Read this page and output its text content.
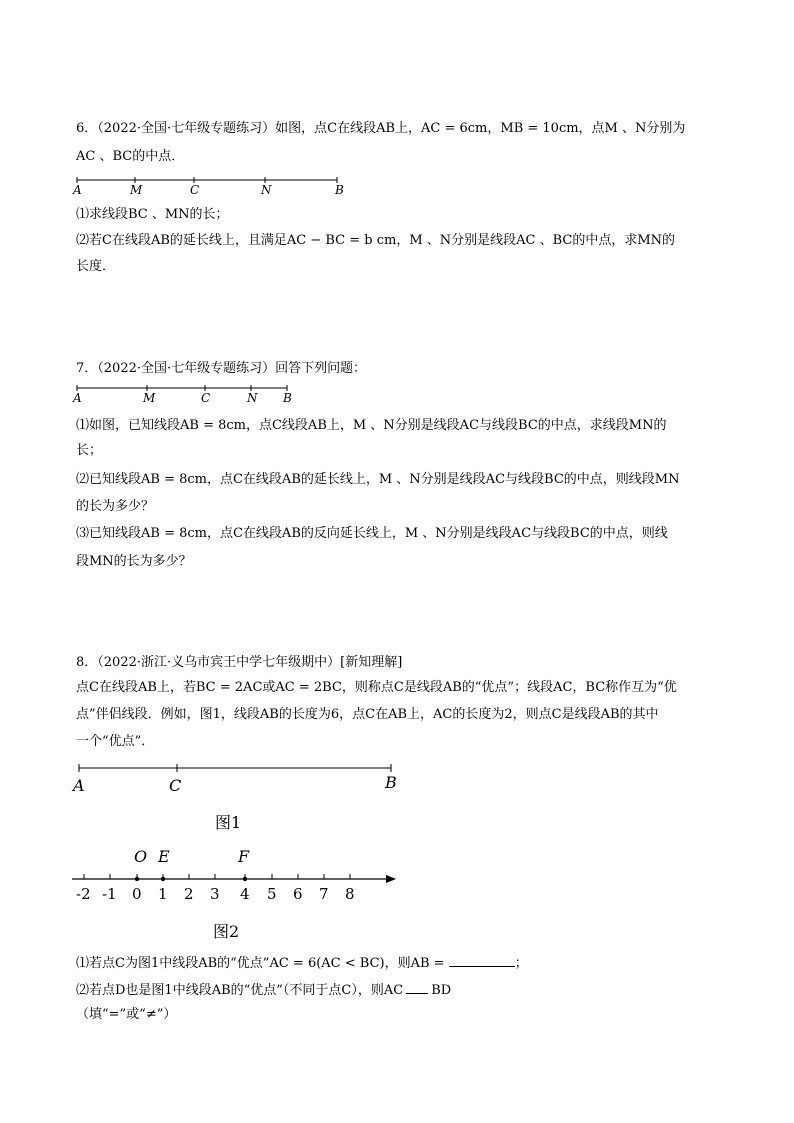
6．（2022·全国·七年级专题练习）如图，点C在线段AB上，AC = 6cm，MB = 10cm，点M 、N分别为
AC 、BC的中点．
A	M	C	N	B
⑴求线段BC 、MN的长；
⑵若C在线段AB的延长线上，且满足AC − BC = b cm，M 、N分别是线段AC 、BC的中点，求MN的
长度．
7．（2022·全国·七年级专题练习）回答下列问题：
A	M	C	N B
⑴如图，已知线段AB = 8cm，点C线段AB上，M 、N分别是线段AC与线段BC的中点，求线段MN的
长；
⑵已知线段AB = 8cm，点C在线段AB的延长线上，M 、N分别是线段AC与线段BC的中点，则线段MN
的长为多少？
⑶已知线段AB = 8cm，点C在线段AB的反向延长线上，M 、N分别是线段AC与线段BC的中点，则线
段MN的长为多少？
8．（2022·浙江·义乌市宾王中学七年级期中）[新知理解]
点C在线段AB上，若BC = 2AC或AC = 2BC，则称点C是线段AB的“优点”；线段AC，BC称作互为“优
点”伴侣线段．例如，图1，线段AB的长度为6，点C在AB上，AC的长度为2，则点C是线段AB的其中
一个“优点”．
A	C	B
图1
O E	F
-2 -1 0 1 2 3 4 5 6 7 8
图2
⑴若点C为图1中线段AB的“优点”AC = 6(AC < BC)，则AB =	；
⑵若点D也是图1中线段AB的“优点”（不同于点C），则AC BD
（填“=”或“≠”）
